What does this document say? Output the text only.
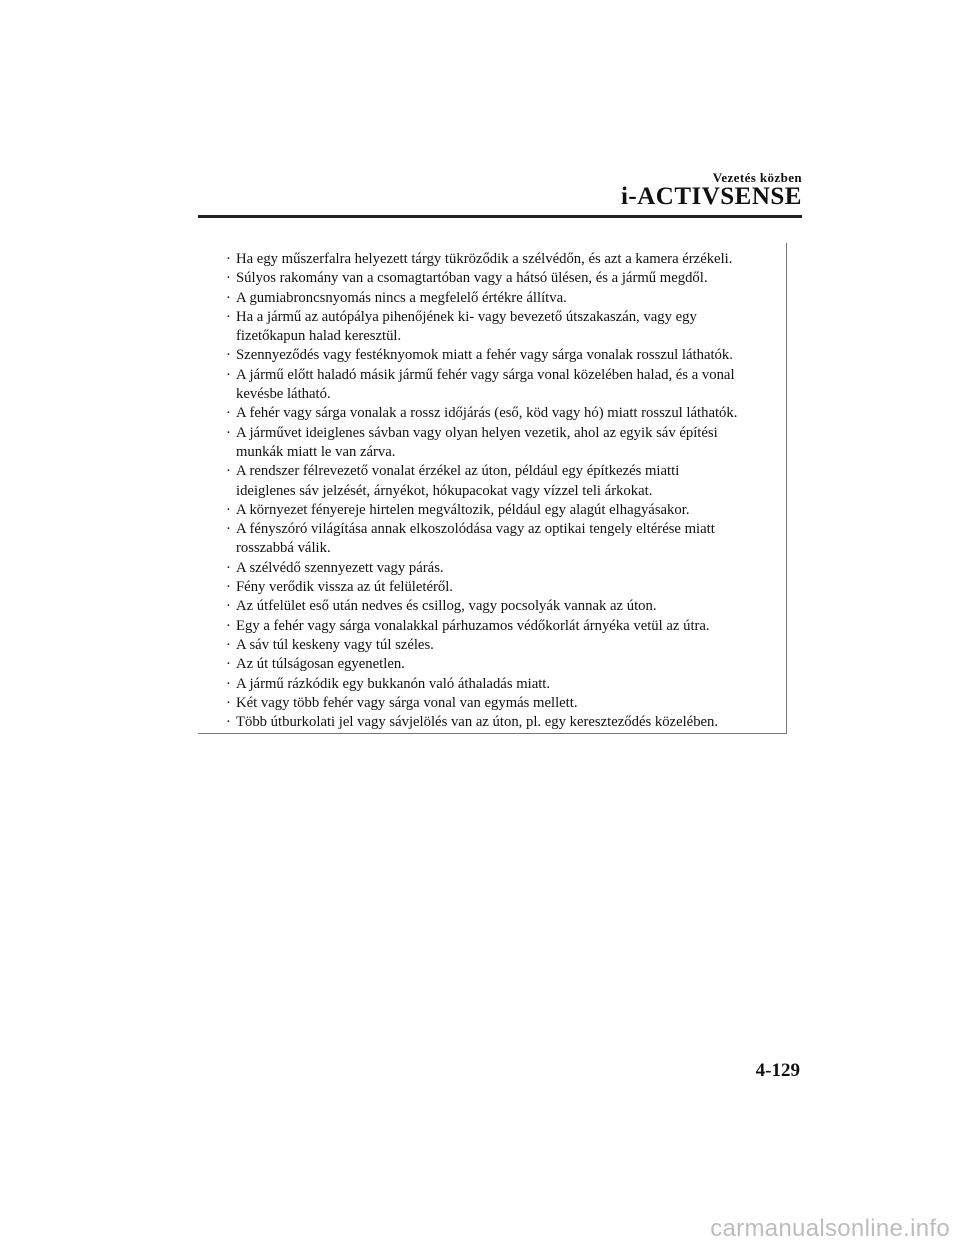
Vezetés közben
i-ACTIVSENSE
· Ha egy műszerfalra helyezett tárgy tükröződik a szélvédőn, és azt a kamera érzékeli.
· Súlyos rakomány van a csomagtartóban vagy a hátsó ülésen, és a jármű megdől.
· A gumiabroncsnyomás nincs a megfelelő értékre állítva.
· Ha a jármű az autópálya pihenőjének ki- vagy bevezető útszakaszán, vagy egy
fizetőkapun halad keresztül.
· Szennyeződés vagy festéknyomok miatt a fehér vagy sárga vonalak rosszul láthatók.
· A jármű előtt haladó másik jármű fehér vagy sárga vonal közelében halad, és a vonal
kevésbe látható.
· A fehér vagy sárga vonalak a rossz időjárás (eső, köd vagy hó) miatt rosszul láthatók.
· A járművet ideiglenes sávban vagy olyan helyen vezetik, ahol az egyik sáv építési
munkák miatt le van zárva.
· A rendszer félrevezető vonalat érzékel az úton, például egy építkezés miatti
ideiglenes sáv jelzését, árnyékot, hókupacokat vagy vízzel teli árkokat.
· A környezet fényereje hirtelen megváltozik, például egy alagút elhagyásakor.
· A fényszóró világítása annak elkoszolódása vagy az optikai tengely eltérése miatt
rosszabbá válik.
· A szélvédő szennyezett vagy párás.
· Fény verődik vissza az út felületéről.
· Az útfelület eső után nedves és csillog, vagy pocsolyák vannak az úton.
· Egy a fehér vagy sárga vonalakkal párhuzamos védőkorlát árnyéka vetül az útra.
· A sáv túl keskeny vagy túl széles.
· Az út túlságosan egyenetlen.
· A jármű rázkódik egy bukkanón való áthaladás miatt.
· Két vagy több fehér vagy sárga vonal van egymás mellett.
· Több útburkolati jel vagy sávjelölés van az úton, pl. egy kereszteződés közelében.
4-129
carmanualsonline.info
